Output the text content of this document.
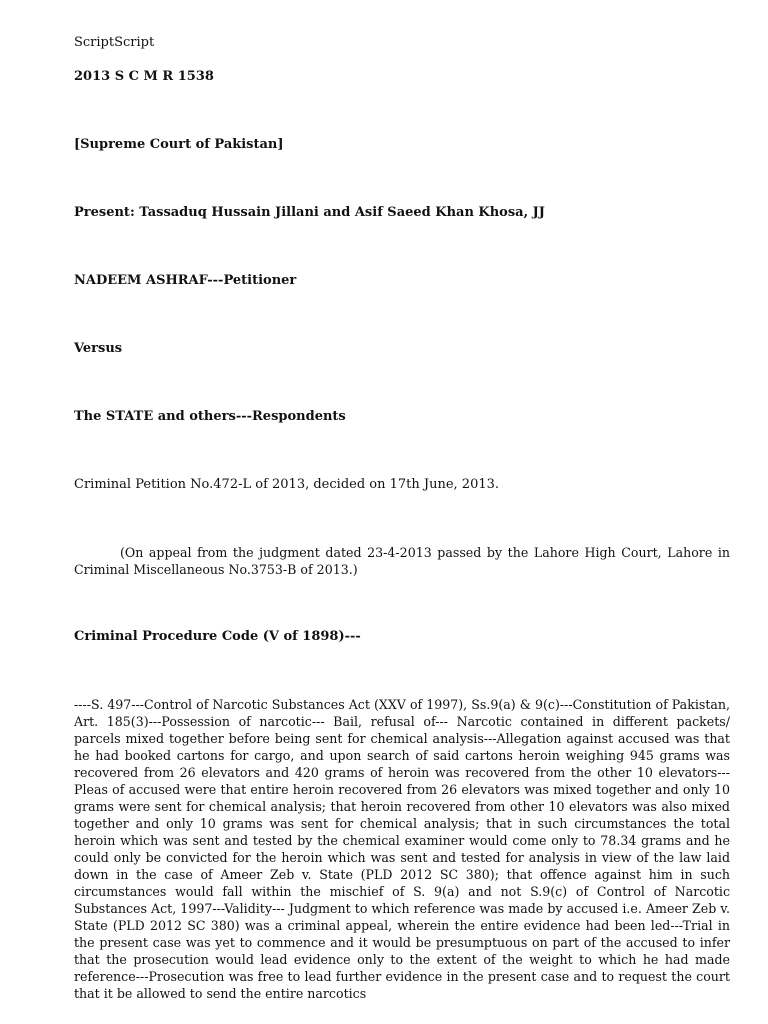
ScriptScript

2013 S C M R 1538

[Supreme Court of Pakistan]

Present: Tassaduq Hussain Jillani and Asif Saeed Khan Khosa, JJ

NADEEM ASHRAF---Petitioner

Versus

The STATE and others---Respondents

Criminal Petition No.472-L of 2013, decided on 17th June, 2013.

(On appeal from the judgment dated 23-4-2013 passed by the Lahore High Court, Lahore in Criminal Miscellaneous No.3753-B of 2013.)

Criminal Procedure Code (V of 1898)---

----S. 497---Control of Narcotic Substances Act (XXV of 1997), Ss.9(a) & 9(c)---Constitution of Pakistan, Art. 185(3)---Possession of narcotic--- Bail, refusal of--- Narcotic contained in different packets/ parcels mixed together before being sent for chemical analysis---Allegation against accused was that he had booked cartons for cargo, and upon search of said cartons heroin weighing 945 grams was recovered from 26 elevators and 420 grams of heroin was recovered from the other 10 elevators---Pleas of accused were that entire heroin recovered from 26 elevators was mixed together and only 10 grams were sent for chemical analysis; that heroin recovered from other 10 elevators was also mixed together and only 10 grams was sent for chemical analysis; that in such circumstances the total heroin which was sent and tested by the chemical examiner would come only to 78.34 grams and he could only be convicted for the heroin which was sent and tested for analysis in view of the law laid down in the case of Ameer Zeb v. State (PLD 2012 SC 380); that offence against him in such circumstances would fall within the mischief of S. 9(a) and not S.9(c) of Control of Narcotic Substances Act, 1997---Validity--- Judgment to which reference was made by accused i.e. Ameer Zeb v. State (PLD 2012 SC 380) was a criminal appeal, wherein the entire evidence had been led---Trial in the present case was yet to commence and it would be presumptuous on part of the accused to infer that the prosecution would lead evidence only to the extent of the weight to which he had made reference---Prosecution was free to lead further evidence in the present case and to request the court that it be allowed to send the entire narcotics
